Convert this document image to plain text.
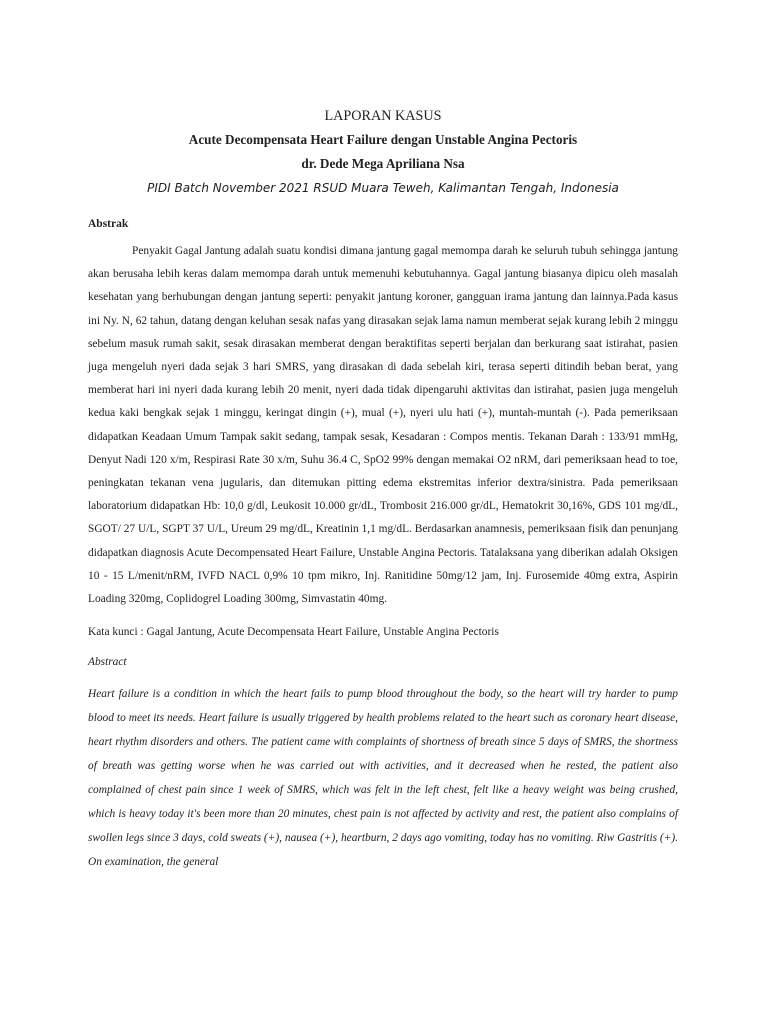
LAPORAN KASUS

Acute Decompensata Heart Failure dengan Unstable Angina Pectoris

dr. Dede Mega Apriliana Nsa

PIDI Batch November 2021 RSUD Muara Teweh, Kalimantan Tengah, Indonesia

Abstrak

Penyakit Gagal Jantung adalah suatu kondisi dimana jantung gagal memompa darah ke seluruh tubuh sehingga jantung akan berusaha lebih keras dalam memompa darah untuk memenuhi kebutuhannya. Gagal jantung biasanya dipicu oleh masalah kesehatan yang berhubungan dengan jantung seperti: penyakit jantung koroner, gangguan irama jantung dan lainnya.Pada kasus ini Ny. N, 62 tahun, datang dengan keluhan sesak nafas yang dirasakan sejak lama namun memberat sejak kurang lebih 2 minggu sebelum masuk rumah sakit, sesak dirasakan memberat dengan beraktifitas seperti berjalan dan berkurang saat istirahat, pasien juga mengeluh nyeri dada sejak 3 hari SMRS, yang dirasakan di dada sebelah kiri, terasa seperti ditindih beban berat, yang memberat hari ini nyeri dada kurang lebih 20 menit, nyeri dada tidak dipengaruhi aktivitas dan istirahat, pasien juga mengeluh kedua kaki bengkak sejak 1 minggu, keringat dingin (+), mual (+), nyeri ulu hati (+), muntah-muntah (-). Pada pemeriksaan didapatkan Keadaan Umum Tampak sakit sedang, tampak sesak, Kesadaran : Compos mentis. Tekanan Darah : 133/91 mmHg, Denyut Nadi 120 x/m, Respirasi Rate 30 x/m, Suhu 36.4 C, SpO2 99% dengan memakai O2 nRM, dari pemeriksaan head to toe, peningkatan tekanan vena jugularis, dan ditemukan pitting edema ekstremitas inferior dextra/sinistra. Pada pemeriksaan laboratorium didapatkan Hb: 10,0 g/dl, Leukosit 10.000 gr/dL, Trombosit 216.000 gr/dL, Hematokrit 30,16%, GDS 101 mg/dL, SGOT/ 27 U/L, SGPT 37 U/L, Ureum 29 mg/dL, Kreatinin 1,1 mg/dL. Berdasarkan anamnesis, pemeriksaan fisik dan penunjang didapatkan diagnosis Acute Decompensated Heart Failure, Unstable Angina Pectoris. Tatalaksana yang diberikan adalah Oksigen 10 - 15 L/menit/nRM, IVFD NACL 0,9% 10 tpm mikro, Inj. Ranitidine 50mg/12 jam, Inj. Furosemide 40mg extra, Aspirin Loading 320mg, Coplidogrel Loading 300mg, Simvastatin 40mg.

Kata kunci : Gagal Jantung, Acute Decompensata Heart Failure, Unstable Angina Pectoris

Abstract

Heart failure is a condition in which the heart fails to pump blood throughout the body, so the heart will try harder to pump blood to meet its needs. Heart failure is usually triggered by health problems related to the heart such as coronary heart disease, heart rhythm disorders and others. The patient came with complaints of shortness of breath since 5 days of SMRS, the shortness of breath was getting worse when he was carried out with activities, and it decreased when he rested, the patient also complained of chest pain since 1 week of SMRS, which was felt in the left chest, felt like a heavy weight was being crushed, which is heavy today it's been more than 20 minutes, chest pain is not affected by activity and rest, the patient also complains of swollen legs since 3 days, cold sweats (+), nausea (+), heartburn, 2 days ago vomiting, today has no vomiting. Riw Gastritis (+). On examination, the general
